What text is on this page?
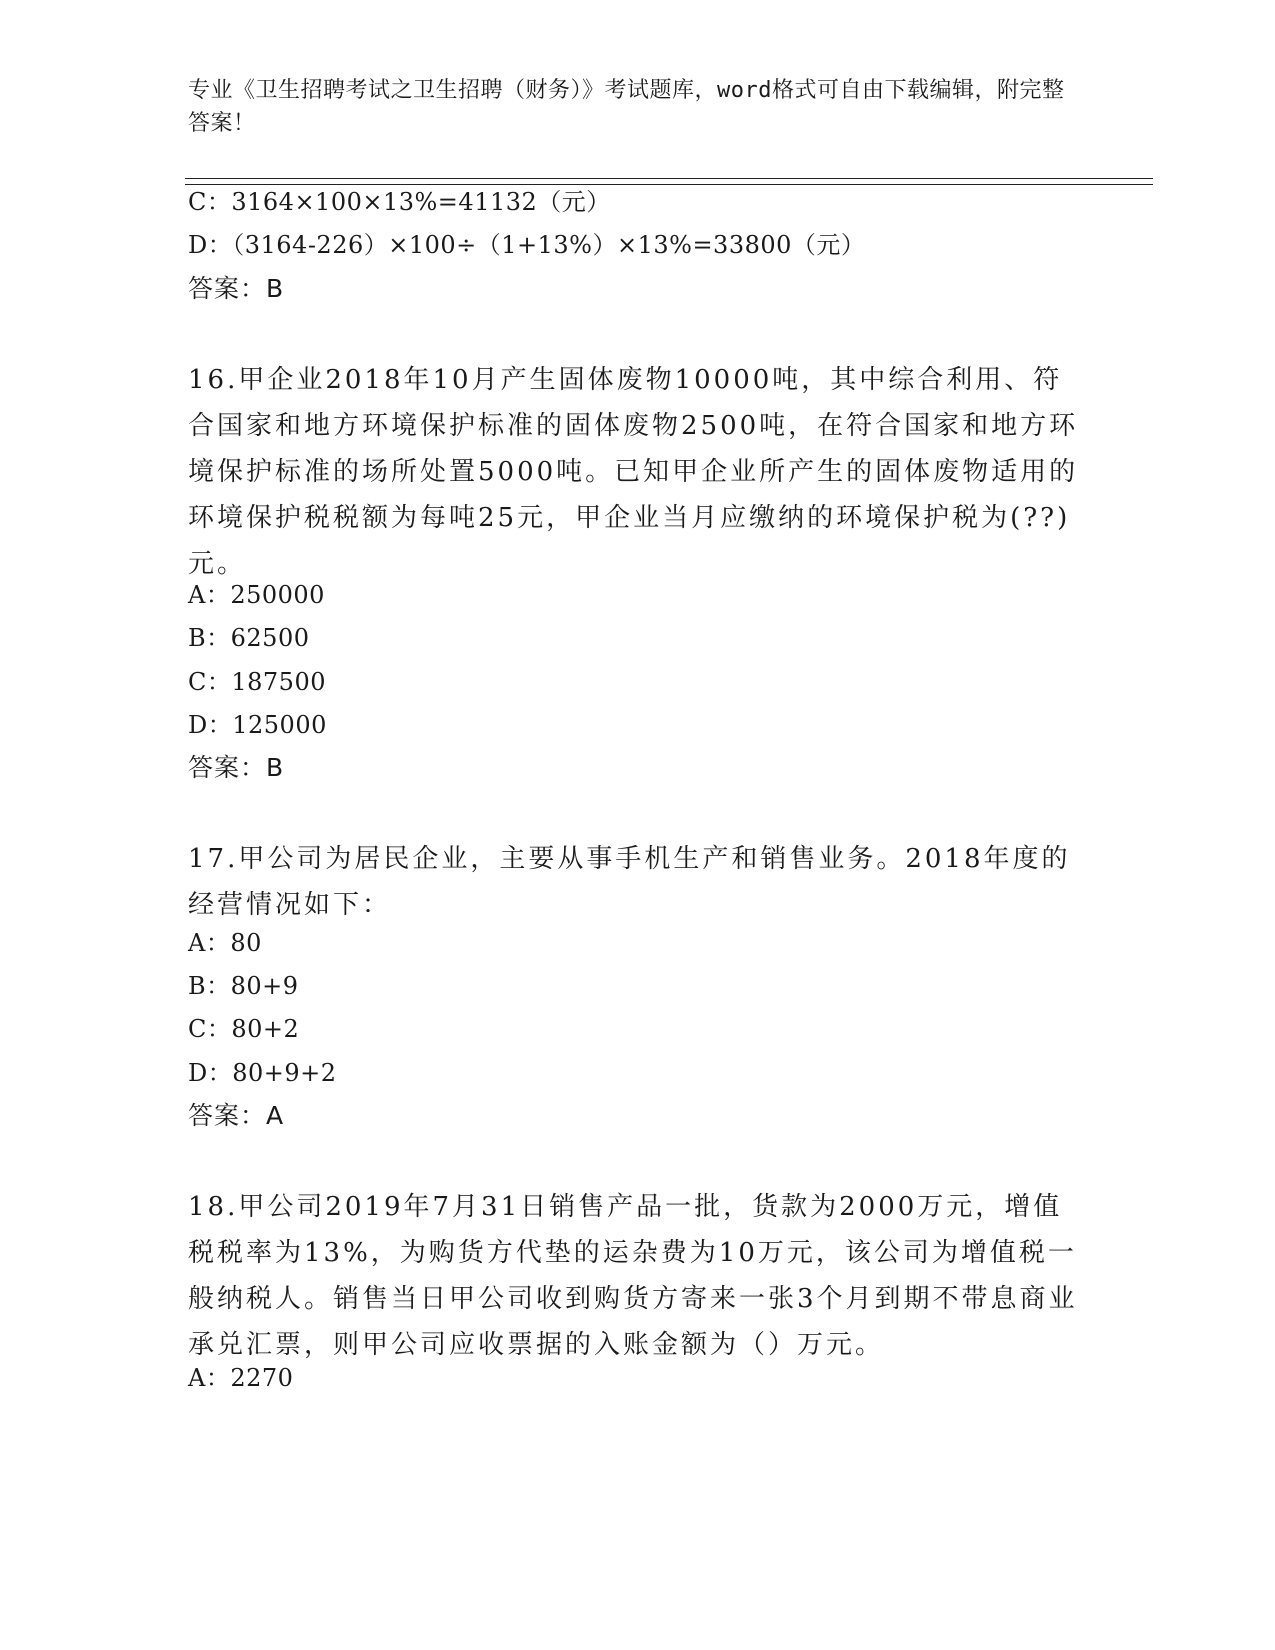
专业《卫生招聘考试之卫生招聘（财务）》考试题库，word格式可自由下载编辑，附完整答案！
C：3164×100×13%=41132（元）
D：（3164-226）×100÷（1+13%）×13%=33800（元）
答案：B
16.甲企业2018年10月产生固体废物10000吨，其中综合利用、符合国家和地方环境保护标准的固体废物2500吨，在符合国家和地方环境保护标准的场所处置5000吨。已知甲企业所产生的固体废物适用的环境保护税税额为每吨25元，甲企业当月应缴纳的环境保护税为(??)元。
A：250000
B：62500
C：187500
D：125000
答案：B
17.甲公司为居民企业，主要从事手机生产和销售业务。2018年度的经营情况如下：
A：80
B：80+9
C：80+2
D：80+9+2
答案：A
18.甲公司2019年7月31日销售产品一批，货款为2000万元，增值税税率为13%，为购货方代垫的运杂费为10万元，该公司为增值税一般纳税人。销售当日甲公司收到购货方寄来一张3个月到期不带息商业承兑汇票，则甲公司应收票据的入账金额为（）万元。
A：2270
